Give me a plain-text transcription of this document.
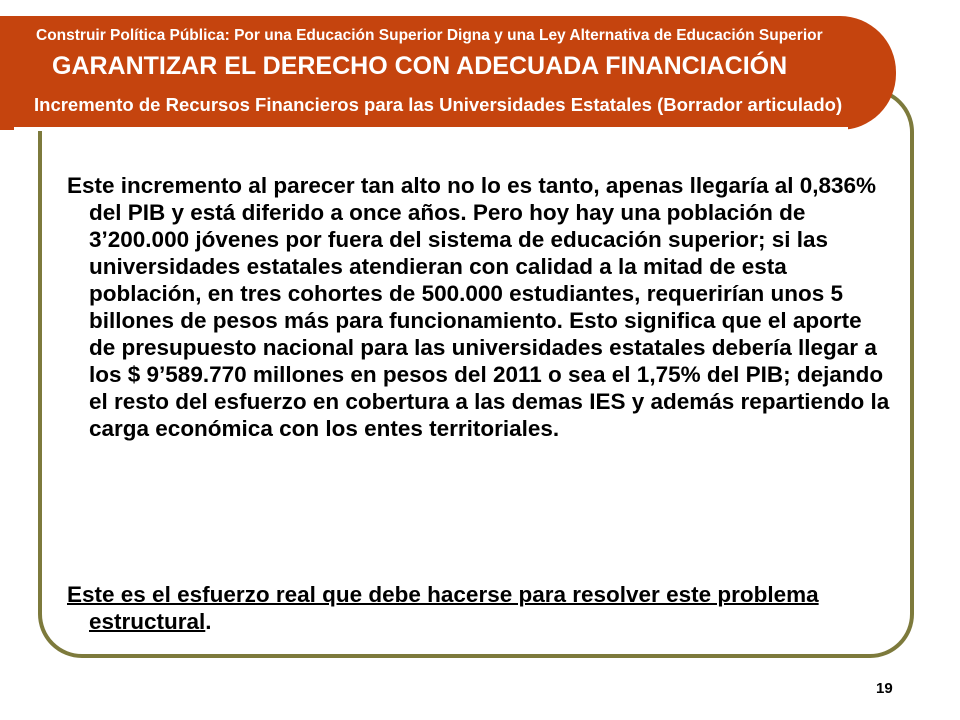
Construir Política Pública: Por una Educación Superior Digna y una Ley Alternativa de Educación Superior
GARANTIZAR EL DERECHO CON ADECUADA FINANCIACIÓN
Incremento de Recursos Financieros para las Universidades Estatales (Borrador articulado)

Este incremento al parecer tan alto no lo es tanto, apenas llegaría al 0,836% del PIB y está diferido a once años. Pero hoy hay una población de 3’200.000 jóvenes por fuera del sistema de educación superior; si las universidades estatales atendieran con calidad a la mitad de esta población, en tres cohortes de 500.000 estudiantes, requerirían unos 5 billones de pesos más para funcionamiento. Esto significa que el aporte de presupuesto nacional para las universidades estatales debería llegar a los $ 9’589.770 millones en pesos del 2011 o sea el 1,75% del PIB; dejando el resto del esfuerzo en cobertura a las demas IES y además repartiendo la carga económica con los entes territoriales.

Este es el esfuerzo real que debe hacerse para resolver este problema estructural.

19
